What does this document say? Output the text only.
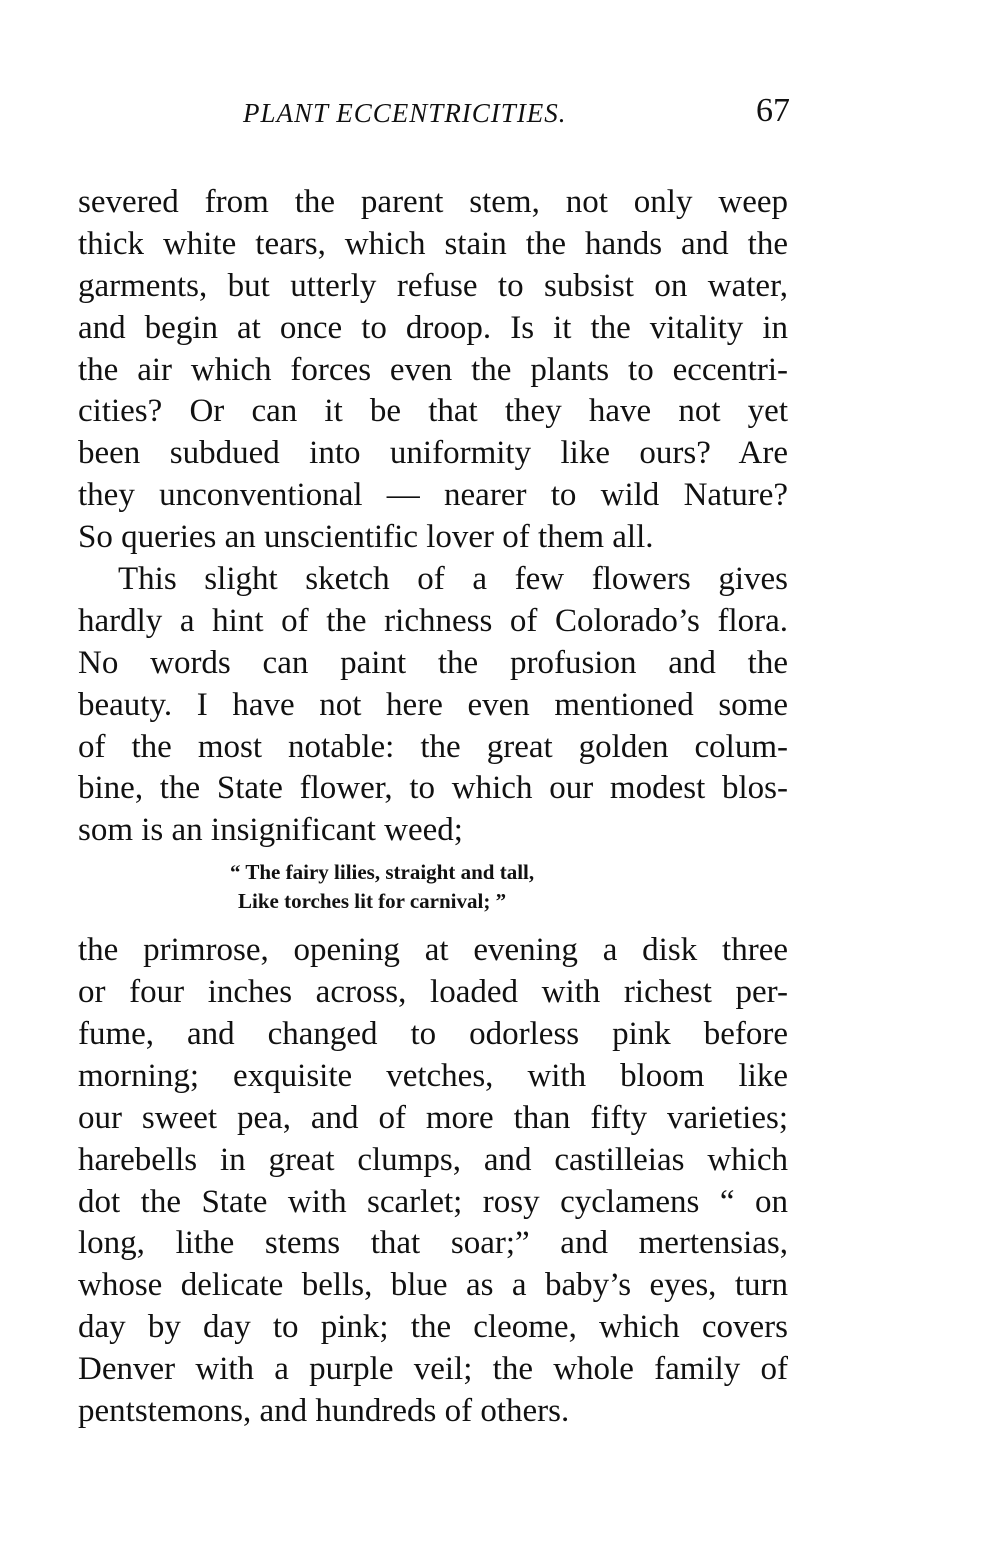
PLANT ECCENTRICITIES.	67
severed from the parent stem, not only weep
thick white tears, which stain the hands and the
garments, but utterly refuse to subsist on water,
and begin at once to droop. Is it the vitality in
the air which forces even the plants to eccentri-
cities? Or can it be that they have not yet
been subdued into uniformity like ours? Are
they unconventional — nearer to wild Nature?
So queries an unscientific lover of them all.
This slight sketch of a few flowers gives
hardly a hint of the richness of Colorado’s flora.
No words can paint the profusion and the
beauty. I have not here even mentioned some
of the most notable: the great golden colum-
bine, the State flower, to which our modest blos-
som is an insignificant weed;
“ The fairy lilies, straight and tall,
Like torches lit for carnival; ”
the primrose, opening at evening a disk three
or four inches across, loaded with richest per-
fume, and changed to odorless pink before
morning; exquisite vetches, with bloom like
our sweet pea, and of more than fifty varieties;
harebells in great clumps, and castilleias which
dot the State with scarlet; rosy cyclamens “ on
long, lithe stems that soar;” and mertensias,
whose delicate bells, blue as a baby’s eyes, turn
day by day to pink; the cleome, which covers
Denver with a purple veil; the whole family of
pentstemons, and hundreds of others.
